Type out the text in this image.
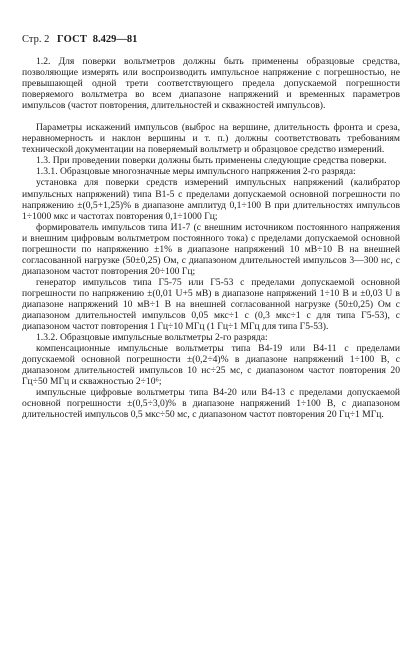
Стр. 2 ГОСТ 8.429—81

1.2. Для поверки вольтметров должны быть применены образцовые средства, позволяющие измерять или воспроизводить импульсное напряжение с погрешностью, не превышающей одной трети соответствующего предела допускаемой погрешности поверяемого вольтметра во всем диапазоне напряжений и временных параметров импульсов (частот повторения, длительностей и скважностей импульсов).

Параметры искажений импульсов (выброс на вершине, длительность фронта и среза, неравномерность и наклон вершины и т. п.) должны соответствовать требованиям технической документации на поверяемый вольтметр и образцовое средство измерений.

1.3. При проведении поверки должны быть применены следующие средства поверки.

1.3.1. Образцовые многозначные меры импульсного напряжения 2-го разряда:

установка для поверки средств измерений импульсных напряжений (калибратор импульсных напряжений) типа В1-5 с пределами допускаемой основной погрешности по напряжению ±(0,5+1,25)% в диапазоне амплитуд 0,1÷100 В при длительностях импульсов 1÷1000 мкс и частотах повторения 0,1÷1000 Гц;

формирователь импульсов типа И1-7 (с внешним источником постоянного напряжения и внешним цифровым вольтметром постоянного тока) с пределами допускаемой основной погрешности по напряжению ±1% в диапазоне напряжений 10 мВ÷10 В на внешней согласованной нагрузке (50±0,25) Ом, с диапазоном длительностей импульсов 3—300 нс, с диапазоном частот повторения 20÷100 Гц;

генератор импульсов типа Г5-75 или Г5-53 с пределами допускаемой основной погрешности по напряжению ±(0,01 U+5 мВ) в диапазоне напряжений 1÷10 В и ±0,03 U в диапазоне напряжений 10 мВ÷1 В на внешней согласованной нагрузке (50±0,25) Ом с диапазоном длительностей импульсов 0,05 мкс÷1 с (0,3 мкс÷1 с для типа Г5-53), с диапазоном частот повторения 1 Гц÷10 МГц (1 Гц÷1 МГц для типа Г5-53).

1.3.2. Образцовые импульсные вольтметры 2-го разряда:

компенсационные импульсные вольтметры типа В4-19 или В4-11 с пределами допускаемой основной погрешности ±(0,2÷4)% в диапазоне напряжений 1÷100 В, с диапазоном длительностей импульсов 10 нс÷25 мс, с диапазоном частот повторения 20 Гц÷50 МГц и скважностью 2÷10⁶;

импульсные цифровые вольтметры типа В4-20 или В4-13 с пределами допускаемой основной погрешности ±(0,5÷3,0)% в диапазоне напряжений 1÷100 В, с диапазоном длительностей импульсов 0,5 мкс÷50 мс, с диапазоном частот повторения 20 Гц÷1 МГц.
